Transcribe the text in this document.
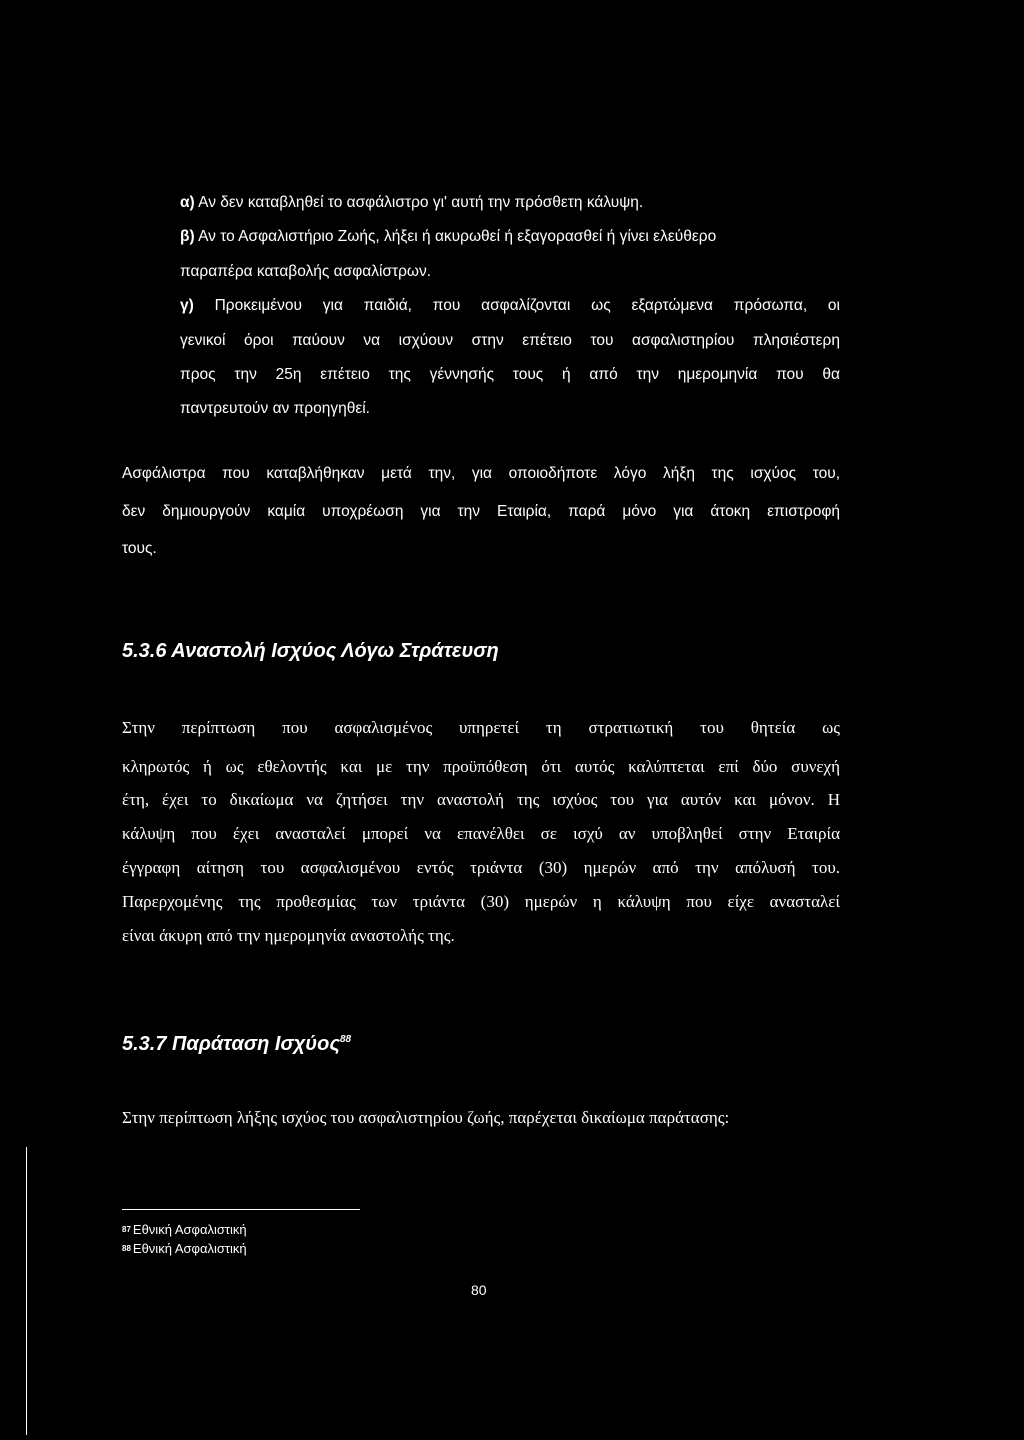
α) Αν δεν καταβληθεί το ασφάλιστρο γι' αυτή την πρόσθετη κάλυψη.
β) Αν το Ασφαλιστήριο Ζωής, λήξει ή ακυρωθεί ή εξαγορασθεί ή γίνει ελεύθερο
παραπέρα καταβολής ασφαλίστρων.
γ) Προκειμένου για παιδιά, που ασφαλίζονται ως εξαρτώμενα πρόσωπα, οι
γενικοί όροι παύουν να ισχύουν στην επέτειο του ασφαλιστηρίου πλησιέστερη
προς την 25η επέτειο της γέννησής τους ή από την ημερομηνία που θα
παντρευτούν αν προηγηθεί.
Ασφάλιστρα που καταβλήθηκαν μετά την, για οποιοδήποτε λόγο λήξη της ισχύος του,
δεν δημιουργούν καμία υποχρέωση για την Εταιρία, παρά μόνο για άτοκη επιστροφή
τους.
5.3.6 Αναστολή Ισχύος Λόγω Στράτευση
Στην περίπτωση που ασφαλισμένος υπηρετεί τη στρατιωτική του θητεία ως
κληρωτός ή ως εθελοντής και με την προϋπόθεση ότι αυτός καλύπτεται επί δύο συνεχή
έτη, έχει το δικαίωμα να ζητήσει την αναστολή της ισχύος του για αυτόν και μόνον. Η
κάλυψη που έχει ανασταλεί μπορεί να επανέλθει σε ισχύ αν υποβληθεί στην Εταιρία
έγγραφη αίτηση του ασφαλισμένου εντός τριάντα (30) ημερών από την απόλυσή του.
Παρερχομένης της προθεσμίας των τριάντα (30) ημερών η κάλυψη που είχε ανασταλεί
είναι άκυρη από την ημερομηνία αναστολής της.
5.3.7 Παράταση Ισχύος$^{88}$
Στην περίπτωση λήξης ισχύος του ασφαλιστηρίου ζωής, παρέχεται δικαίωμα παράτασης:
$^{87}$ Εθνική Ασφαλιστική
$^{88}$ Εθνική Ασφαλιστική
80
